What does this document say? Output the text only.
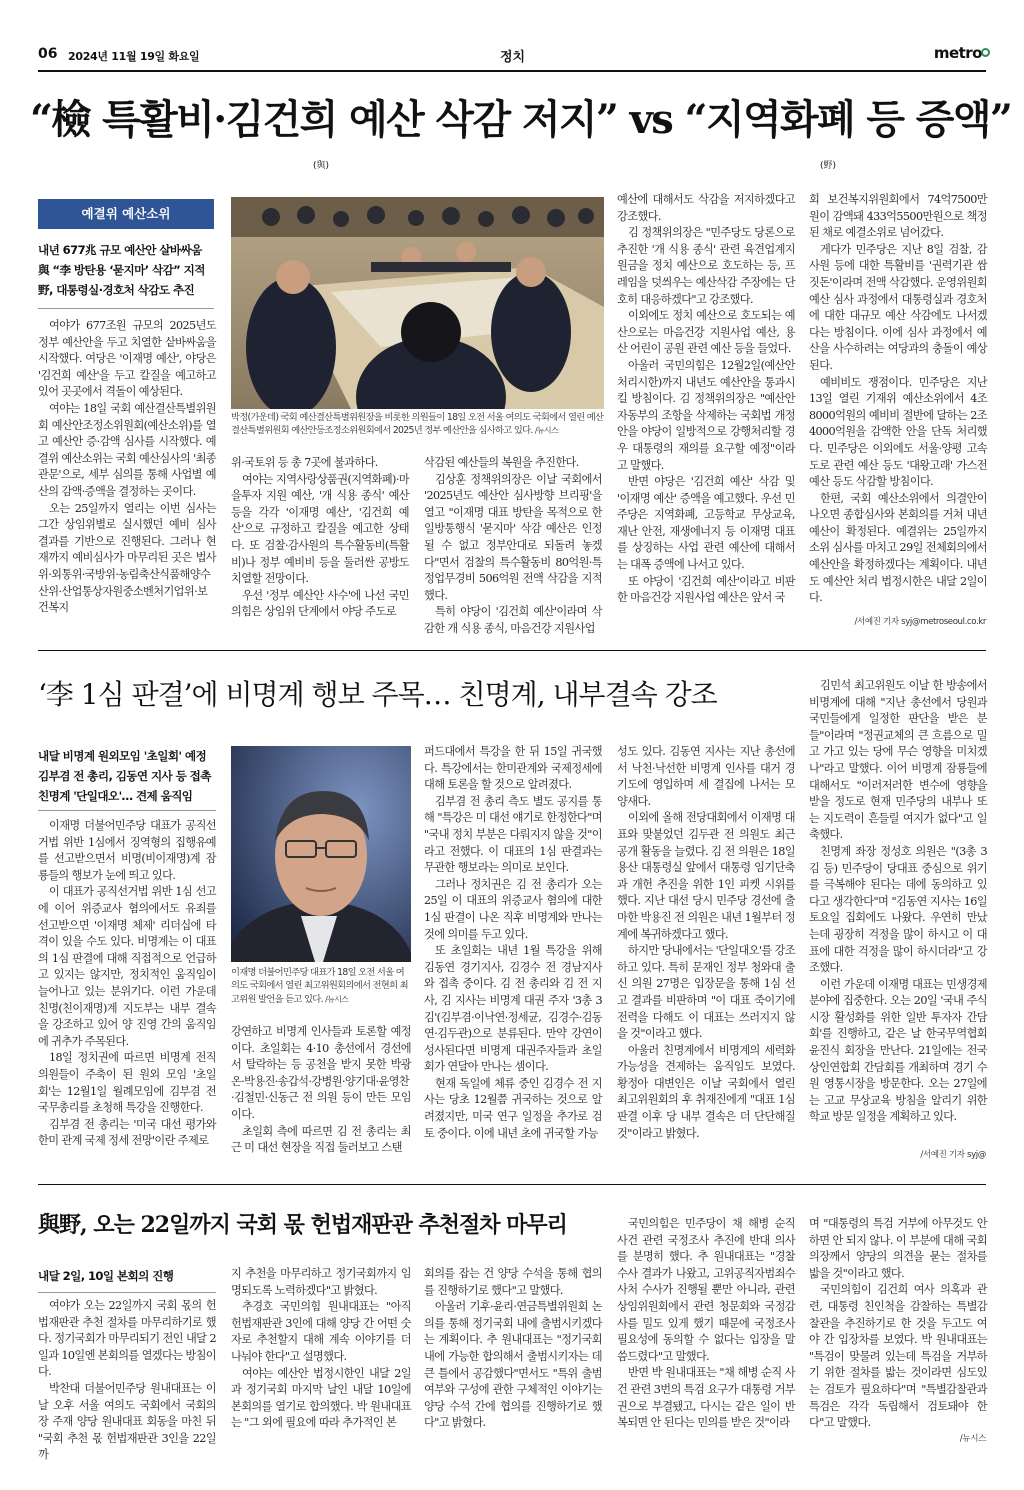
06 2024년 11월 19일 화요일	정치	metro
“檢 특활비·김건희 예산 삭감 저지” vs “지역화폐 등 증액”
(與)	(野)
예결위 예산소위
내년 677兆 규모 예산안 살바싸움
與 “李 방탄용 ‘묻지마’ 삭감” 지적
野, 대통령실·경호처 삭감도 추진

여야가 677조원 규모의 2025년도 정부 예산안을 두고 치열한 샅바싸움을 시작했다. 여당은 '이재명 예산', 야당은 '김건희 예산'을 두고 칼질을 예고하고 있어 곳곳에서 격돌이 예상된다.

여야는 18일 국회 예산결산특별위원회 예산안조정소위원회(예산소위)를 열고 예산안 증·감액 심사를 시작했다. 예결위 예산소위는 국회 예산심사의 '최종 관문'으로, 세부 심의를 통해 사업별 예산의 감액·증액을 결정하는 곳이다.

오는 25일까지 열리는 이번 심사는 그간 상임위별로 실시했던 예비 심사 결과를 기반으로 진행된다. 그러나 현재까지 예비심사가 마무리된 곳은 법사위·외통위·국방위·농림축산식품해양수산위·산업통상자원중소벤처기업위·보건복지

박정(가운데) 국회 예산결산특별위원장을 비롯한 의원들이 18일 오전 서울 여의도 국회에서 열린 예산결산특별위원회 예산안등조정소위원회에서 2025년 정부 예산안을 심사하고 있다. /뉴시스

위·국토위 등 총 7곳에 불과하다.

여야는 지역사랑상품권(지역화폐)·마을투자 지원 예산, '개 식용 종식' 예산 등을 각각 '이재명 예산', '김건희 예산'으로 규정하고 칼질을 예고한 상태다. 또 검찰·감사원의 특수활동비(특활비)나 정부 예비비 등을 둘러싼 공방도 치열할 전망이다.

우선 '정부 예산안 사수'에 나선 국민의힘은 상임위 단계에서 야당 주도로

삭감된 예산들의 복원을 추진한다.

김상훈 정책위의장은 이날 국회에서 '2025년도 예산안 심사방향 브리핑'을 열고 "이재명 대표 방탄을 목적으로 한 일방통행식 '묻지마' 삭감 예산은 인정될 수 없고 정부안대로 되돌려 놓겠다"면서 검찰의 특수활동비 80억원·특정업무경비 506억원 전액 삭감을 지적했다.

특히 야당이 '김건희 예산'이라며 삭감한 개 식용 종식, 마음건강 지원사업

예산에 대해서도 삭감을 저지하겠다고 강조했다.

김 정책위의장은 "민주당도 당론으로 추진한 '개 식용 종식' 관련 육견업계지원금을 정치 예산으로 호도하는 등, 프레임을 덧씌우는 예산삭감 주장에는 단호히 대응하겠다"고 강조했다.

이외에도 정치 예산으로 호도되는 예산으로는 마음건강 지원사업 예산, 용산 어린이 공원 관련 예산 등을 들었다.

아울러 국민의힘은 12월2일(예산안 처리시한)까지 내년도 예산안을 통과시킬 방침이다. 김 정책위의장은 "예산안 자동부의 조항을 삭제하는 국회법 개정안을 야당이 일방적으로 강행처리할 경우 대통령의 재의를 요구할 예정"이라고 말했다.

반면 야당은 '김건희 예산' 삭감 및 '이재명 예산' 증액을 예고했다. 우선 민주당은 지역화폐, 고등학교 무상교육, 재난 안전, 재생에너지 등 이재명 대표를 상징하는 사업 관련 예산에 대해서는 대폭 증액에 나서고 있다.

또 야당이 '김건희 예산'이라고 비판한 마음건강 지원사업 예산은 앞서 국

회 보건복지위원회에서 74억7500만 원이 감액돼 433억5500만원으로 책정된 채로 예결소위로 넘어갔다.

게다가 민주당은 지난 8일 검찰, 감사원 등에 대한 특활비를 '권력기관 쌈짓돈'이라며 전액 삭감했다. 운영위원회 예산 심사 과정에서 대통령실과 경호처에 대한 대규모 예산 삭감에도 나서겠다는 방침이다. 이에 심사 과정에서 예산을 사수하려는 여당과의 충돌이 예상된다.

예비비도 쟁점이다. 민주당은 지난 13일 열린 기재위 예산소위에서 4조8000억원의 예비비 절반에 달하는 2조4000억원을 감액한 안을 단독 처리했다. 민주당은 이외에도 서울·양평 고속도로 관련 예산 등도 '대왕고래' 가스전 예산 등도 삭감할 방침이다.

한편, 국회 예산소위에서 의결안이 나오면 종합심사와 본회의를 거쳐 내년 예산이 확정된다. 예결위는 25일까지 소위 심사를 마치고 29일 전체회의에서 예산안을 확정하겠다는 계획이다. 내년도 예산안 처리 법정시한은 내달 2일이다.

/서예진 기자 syj@metroseoul.co.kr
‘李 1심 판결’에 비명계 행보 주목… 친명계, 내부결속 강조
내달 비명계 원외모임 '초일회' 예정
김부겸 전 총리, 김동연 지사 등 접촉
친명계 '단일대오'… 견제 움직임

이재명 더불어민주당 대표가 공직선거법 위반 1심에서 징역형의 집행유예를 선고받으면서 비명(비이재명)계 잠룡들의 행보가 눈에 띄고 있다.

이 대표가 공직선거법 위반 1심 선고에 이어 위증교사 혐의에서도 유죄를 선고받으면 '이재명 체제' 리더십에 타격이 있을 수도 있다. 비명계는 이 대표의 1심 판결에 대해 직접적으로 언급하고 있지는 않지만, 정치적인 움직임이 늘어나고 있는 분위기다. 이런 가운데 친명(친이재명)계 지도부는 내부 결속을 강조하고 있어 양 진영 간의 움직임에 귀추가 주목된다.

18일 정치권에 따르면 비명계 전직 의원들이 주축이 된 원외 모임 '초일회'는 12월1일 월례모임에 김부겸 전 국무총리를 초청해 특강을 진행한다.

김부겸 전 총리는 '미국 대선 평가와 한미 관계 국제 정세 전망'이란 주제로

이재명 더불어민주당 대표가 18일 오전 서울 여의도 국회에서 열린 최고위원회의에서 전현희 최고위원 발언을 듣고 있다. /뉴시스

강연하고 비명계 인사들과 토론할 예정이다. 초일회는 4·10 총선에서 경선에서 탈락하는 등 공천을 받지 못한 박광온·박용진·송갑석·강병원·양기대·윤영찬·김철민·신동근 전 의원 등이 만든 모임이다.

초일회 측에 따르면 김 전 총리는 최근 미 대선 현장을 직접 둘러보고 스탠

퍼드대에서 특강을 한 뒤 15일 귀국했다. 특강에서는 한미관계와 국제정세에 대해 토론을 할 것으로 알려졌다.

김부겸 전 총리 측도 별도 공지를 통해 "특강은 미 대선 얘기로 한정한다"며 "국내 정치 부분은 다뤄지지 않을 것"이라고 전했다. 이 대표의 1심 판결과는 무관한 행보라는 의미로 보인다.

그러나 정치권은 김 전 총리가 오는 25일 이 대표의 위증교사 혐의에 대한 1심 판결이 나온 직후 비명계와 만나는 것에 의미를 두고 있다.

또 초일회는 내년 1월 특강을 위해 김동연 경기지사, 김경수 전 경남지사와 접촉 중이다. 김 전 총리와 김 전 지사, 김 지사는 비명계 대권 주자 '3총 3김'(김부겸·이낙연·정세균, 김경수·김동연·김두관)으로 분류된다. 만약 강연이 성사된다면 비명계 대권주자들과 초일회가 연달아 만나는 셈이다.

현재 독일에 체류 중인 김경수 전 지사는 당초 12월쯤 귀국하는 것으로 알려졌지만, 미국 연구 일정을 추가로 검토 중이다. 이에 내년 초에 귀국할 가능

성도 있다. 김동연 지사는 지난 총선에서 낙천·낙선한 비명계 인사를 대거 경기도에 영입하며 세 결집에 나서는 모양새다.

이외에 올해 전당대회에서 이재명 대표와 맞붙었던 김두관 전 의원도 최근 공개 활동을 늘렸다. 김 전 의원은 18일 용산 대통령실 앞에서 대통령 임기단축과 개헌 추진을 위한 1인 피켓 시위를 했다. 지난 대선 당시 민주당 경선에 출마한 박용진 전 의원은 내년 1월부터 정계에 복귀하겠다고 했다.

하지만 당내에서는 '단일대오'를 강조하고 있다. 특히 문재인 정부 청와대 출신 의원 27명은 입장문을 통해 1심 선고 결과를 비판하며 "이 대표 죽이기에 전력을 다해도 이 대표는 쓰러지지 않을 것"이라고 했다.

아울러 친명계에서 비명계의 세력화 가능성을 견제하는 움직임도 보였다. 황정아 대변인은 이날 국회에서 열린 최고위원회의 후 취재진에게 "대표 1심 판결 이후 당 내부 결속은 더 단단해질 것"이라고 밝혔다.

김민석 최고위원도 이날 한 방송에서 비명계에 대해 "지난 총선에서 당원과 국민들에게 일정한 판단을 받은 분들"이라며 "정권교체의 큰 흐름으로 밀고 가고 있는 당에 무슨 영향을 미치겠나"라고 말했다. 이어 비명계 잠룡들에 대해서도 "이러저러한 변수에 영향을 받을 정도로 현재 민주당의 내부나 또는 지도력이 흔들릴 여지가 없다"고 일축했다.

친명계 좌장 정성호 의원은 "(3총 3김 등) 민주당이 당대표 중심으로 위기를 극복해야 된다는 데에 동의하고 있다고 생각한다"며 "김동연 지사는 16일 토요일 집회에도 나왔다. 우연히 만났는데 굉장히 걱정을 많이 하시고 이 대표에 대한 걱정을 많이 하시더라"고 강조했다.

이런 가운데 이재명 대표는 민생경제 분야에 집중한다. 오는 20일 '국내 주식시장 활성화를 위한 일반 투자자 간담회'를 진행하고, 같은 날 한국무역협회 윤진식 회장을 만난다. 21일에는 전국상인연합회 간담회를 개최하며 경기 수원 영통시장을 방문한다. 오는 27일에는 고교 무상교육 방침을 알리기 위한 학교 방문 일정을 계획하고 있다.

/서예진 기자 syj@
與野, 오는 22일까지 국회 몫 헌법재판관 추천절차 마무리
내달 2일, 10일 본회의 진행

여야가 오는 22일까지 국회 몫의 헌법재판관 추천 절차를 마무리하기로 했다. 정기국회가 마무리되기 전인 내달 2일과 10일엔 본회의를 열겠다는 방침이다.

박찬대 더불어민주당 원내대표는 이날 오후 서울 여의도 국회에서 국회의장 주재 양당 원내대표 회동을 마친 뒤 "국회 추천 몫 헌법재판관 3인을 22일까

지 추천을 마무리하고 정기국회까지 임명되도록 노력하겠다"고 밝혔다.

추경호 국민의힘 원내대표는 "아직 헌법재판관 3인에 대해 양당 간 어떤 숫자로 추천할지 대해 계속 이야기를 더 나눠야 한다"고 설명했다.

여야는 예산안 법정시한인 내달 2일과 정기국회 마지막 날인 내달 10일에 본회의를 열기로 합의했다. 박 원내대표는 "그 외에 필요에 따라 추가적인 본

회의를 잡는 건 양당 수석을 통해 협의를 진행하기로 했다"고 말했다.

아울러 기후·윤리·연금특별위원회 논의를 통해 정기국회 내에 출범시키겠다는 계획이다. 추 원내대표는 "정기국회 내에 가능한 합의해서 출범시키자는 데 큰 틀에서 공감했다"면서도 "특위 출범 여부와 구성에 관한 구체적인 이야기는 양당 수석 간에 협의를 진행하기로 했다"고 밝혔다.

국민의힘은 민주당이 채 해병 순직 사건 관련 국정조사 추진에 반대 의사를 분명히 했다. 추 원내대표는 "경찰 수사 결과가 나왔고, 고위공직자범죄수사처 수사가 진행될 뿐만 아니라, 관련 상임위원회에서 관련 청문회와 국정감사를 밀도 있게 했기 때문에 국정조사 필요성에 동의할 수 없다는 입장을 말씀드렸다"고 말했다.

반면 박 원내대표는 "채 해병 순직 사건 관련 3번의 특검 요구가 대통령 거부권으로 부결됐고, 다시는 같은 일이 반복되면 안 된다는 민의를 받은 것"이라

며 "대통령의 특검 거부에 아무것도 안 하면 안 되지 않나. 이 부분에 대해 국회 의장께서 양당의 의견을 묻는 절차를 밟을 것"이라고 했다.

국민의힘이 김건희 여사 의혹과 관련, 대통령 친인척을 감찰하는 특별감찰관을 추진하기로 한 것을 두고도 여야 간 입장차를 보였다. 박 원내대표는 "특검이 맞물려 있는데 특검을 거부하기 위한 절차를 밟는 것이라면 심도있는 검토가 필요하다"며 "특별감찰관과 특검은 각각 독립해서 검토돼야 한다"고 말했다.

/뉴시스
